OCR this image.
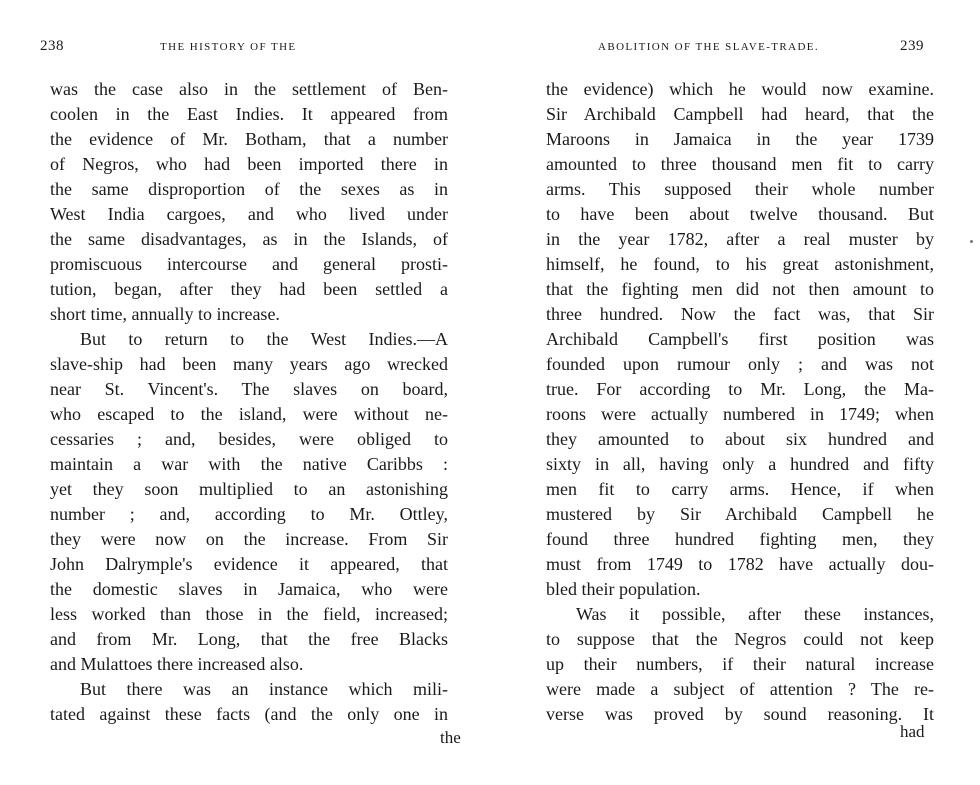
238	THE HISTORY OF THE
was the case also in the settlement of Ben-
coolen in the East Indies. It appeared from
the evidence of Mr. Botham, that a number
of Negros, who had been imported there in
the same disproportion of the sexes as in
West India cargoes, and who lived under
the same disadvantages, as in the Islands, of
promiscuous intercourse and general prosti-
tution, began, after they had been settled a
short time, annually to increase.
But to return to the West Indies.—A
slave-ship had been many years ago wrecked
near St. Vincent's. The slaves on board,
who escaped to the island, were without ne-
cessaries ; and, besides, were obliged to
maintain a war with the native Caribbs :
yet they soon multiplied to an astonishing
number ; and, according to Mr. Ottley,
they were now on the increase. From Sir
John Dalrymple's evidence it appeared, that
the domestic slaves in Jamaica, who were
less worked than those in the field, increased;
and from Mr. Long, that the free Blacks
and Mulattoes there increased also.
But there was an instance which mili-
tated against these facts (and the only one in
the
ABOLITION OF THE SLAVE-TRADE.	239
the evidence) which he would now examine.
Sir Archibald Campbell had heard, that the
Maroons in Jamaica in the year 1739
amounted to three thousand men fit to carry
arms. This supposed their whole number
to have been about twelve thousand. But
in the year 1782, after a real muster by
himself, he found, to his great astonishment,
that the fighting men did not then amount to
three hundred. Now the fact was, that Sir
Archibald Campbell's first position was
founded upon rumour only ; and was not
true. For according to Mr. Long, the Ma-
roons were actually numbered in 1749; when
they amounted to about six hundred and
sixty in all, having only a hundred and fifty
men fit to carry arms. Hence, if when
mustered by Sir Archibald Campbell he
found three hundred fighting men, they
must from 1749 to 1782 have actually dou-
bled their population.
Was it possible, after these instances,
to suppose that the Negros could not keep
up their numbers, if their natural increase
were made a subject of attention ? The re-
verse was proved by sound reasoning. It
had
